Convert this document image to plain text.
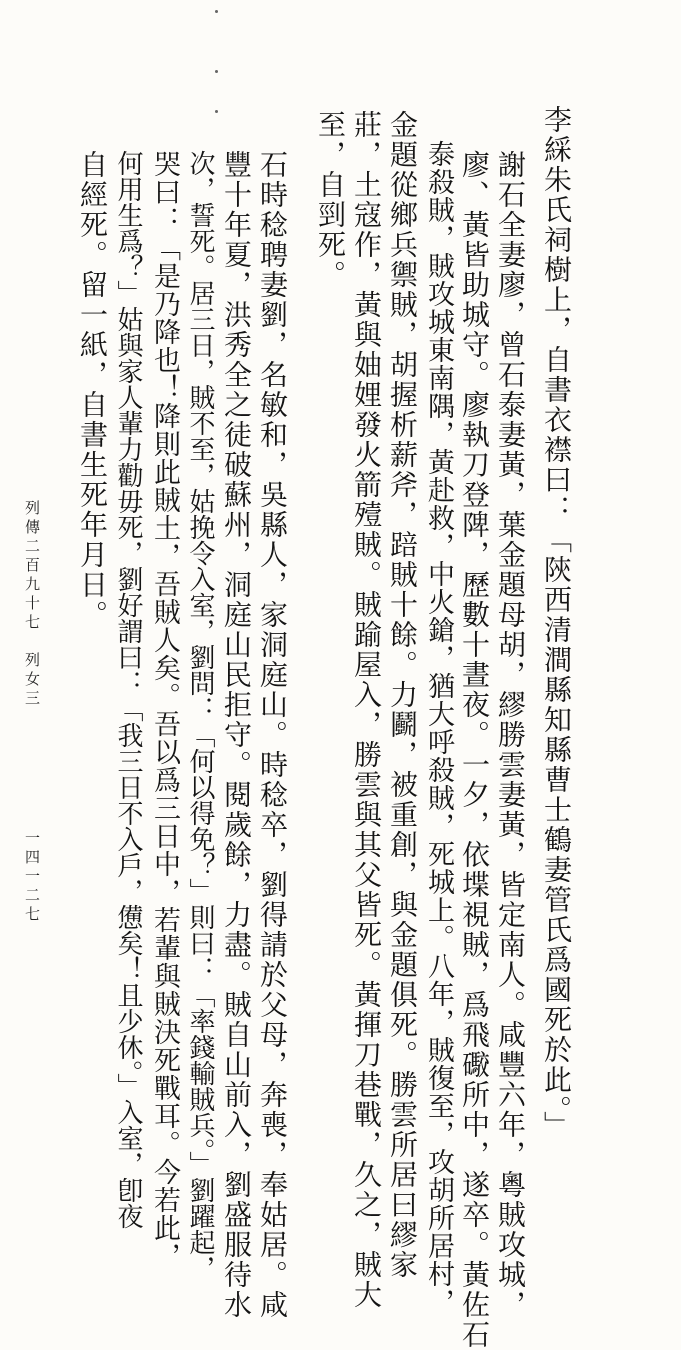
李綵朱氏祠樹上，自書衣襟曰：「陝西清澗縣知縣曹士鶴妻管氏爲國死於此。」
謝石全妻廖，曾石泰妻黃，葉金題母胡，繆勝雲妻黃，皆定南人。咸豐六年，粵賊攻城，
廖、黃皆助城守。廖執刀登陴，歷數十晝夜。一夕，依堞視賊，爲飛礮所中，遂卒。黃佐石
泰殺賊，賊攻城東南隅，黃赴救，中火鎗，猶大呼殺賊，死城上。八年，賊復至，攻胡所居村，
金題從鄉兵禦賊，胡握析薪斧，踣賊十餘。力鬬，被重創，與金題俱死。勝雲所居曰繆家
莊，土寇作，黃與妯娌發火箭殪賊。賊踰屋入，勝雲與其父皆死。黃揮刀巷戰，久之，賊大
至，自剄死。
石時稔聘妻劉，名敏和，吳縣人，家洞庭山。時稔卒，劉得請於父母，奔喪，奉姑居。咸
豐十年夏，洪秀全之徒破蘇州，洞庭山民拒守。閱歲餘，力盡。賊自山前入，劉盛服待水
次，誓死。居三日，賊不至，姑挽令入室，劉問：「何以得免？」則曰：「率錢輸賊兵。」劉躍起，
哭曰：「是乃降也！降則此賊土，吾賊人矣。吾以爲三日中，若輩與賊決死戰耳。今若此，
何用生爲？」姑與家人輩力勸毋死，劉好謂曰：「我三日不入戶，憊矣！且少休。」入室，卽夜
自經死。留一紙，自書生死年月日。
列傳二百九十七　列女三
一四一二七
